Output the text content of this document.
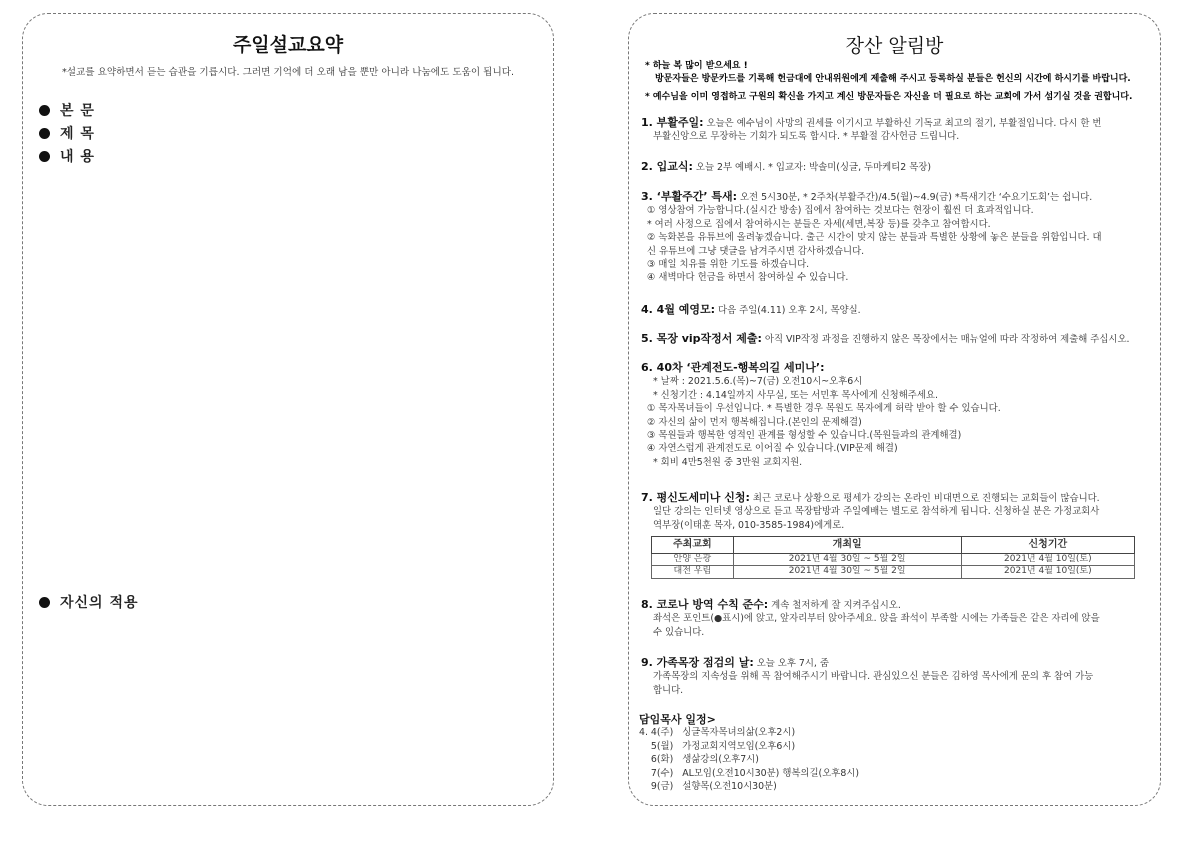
주일설교요약
*설교를 요약하면서 듣는 습관을 기릅시다. 그러면 기억에 더 오래 남을 뿐만 아니라 나눔에도 도움이 됩니다.
본 문
제 목
내 용
자신의 적용
장산 알림방
* 하늘 복 많이 받으세요 !
방문자들은 방문카드를 기록해 헌금대에 안내위원에게 제출해 주시고 등록하실 분들은 헌신의 시간에 하시기를 바랍니다.
* 예수님을 이미 영접하고 구원의 확신을 가지고 계신 방문자들은 자신을 더 필요로 하는 교회에 가서 섬기실 것을 권합니다.
1. 부활주일: 오늘은 예수님이 사망의 권세를 이기시고 부활하신 기독교 최고의 절기, 부활절입니다. 다시 한 번
부활신앙으로 무장하는 기회가 되도록 합시다. * 부활절 감사헌금 드립니다.
2. 입교식: 오늘 2부 예배시. * 입교자: 박솔미(싱글, 두마케티2 목장)
3. ‘부활주간’ 특새: 오전 5시30분, * 2주차(부활주간)/4.5(월)~4.9(금) *특새기간 ‘수요기도회’는 쉽니다.
① 영상참여 가능합니다.(실시간 방송) 집에서 참여하는 것보다는 현장이 훨씬 더 효과적입니다.
* 여러 사정으로 집에서 참여하시는 분들은 자세(세면,복장 등)를 갖추고 참여합시다.
② 녹화본을 유튜브에 올려놓겠습니다. 출근 시간이 맞지 않는 분들과 특별한 상황에 놓은 분들을 위함입니다. 대
신 유튜브에 그냥 댓글을 남겨주시면 감사하겠습니다.
③ 매일 치유를 위한 기도를 하겠습니다.
④ 새벽마다 헌금을 하면서 참여하실 수 있습니다.
4. 4월 예영모: 다음 주일(4.11) 오후 2시, 목양실.
5. 목장 vip작정서 제출: 아직 VIP작정 과정을 진행하지 않은 목장에서는 매뉴얼에 따라 작정하여 제출해 주십시오.
6. 40차 ‘관계전도-행복의길 세미나’:
* 날짜 : 2021.5.6.(목)~7(금) 오전10시~오후6시
* 신청기간 : 4.14일까지 사무실, 또는 서민후 목사에게 신청해주세요.
① 목자목녀들이 우선입니다. * 특별한 경우 목원도 목자에게 허락 받아 할 수 있습니다.
② 자신의 삶이 먼저 행복해집니다.(본인의 문제해결)
③ 목원들과 행복한 영적인 관계를 형성할 수 있습니다.(목원들과의 관계해결)
④ 자연스럽게 관계전도로 이어질 수 있습니다.(VIP문제 해결)
* 회비 4만5천원 중 3만원 교회지원.
7. 평신도세미나 신청: 최근 코로나 상황으로 평세가 강의는 온라인 비대면으로 진행되는 교회들이 많습니다.
일단 강의는 인터넷 영상으로 듣고 목장탐방과 주일예배는 별도로 참석하게 됩니다. 신청하실 분은 가정교회사
역부장(이태훈 목자, 010-3585-1984)에게로.
주최교회	개최일	신청기간
안양 은광	2021년 4월 30일 ~ 5월 2일	2021년 4월 10일(토)
대전 우림	2021년 4월 30일 ~ 5월 2일	2021년 4월 10일(토)
8. 코로나 방역 수칙 준수: 계속 철저하게 잘 지켜주십시오.
좌석은 포인트(●표시)에 앉고, 앞자리부터 앉아주세요. 앉을 좌석이 부족할 시에는 가족들은 같은 자리에 앉을
수 있습니다.
9. 가족목장 점검의 날: 오늘 오후 7시, 줌
가족목장의 지속성을 위해 꼭 참여해주시기 바랍니다. 관심있으신 분들은 김하영 목사에게 문의 후 참여 가능
합니다.
담임목사 일정>
4. 4(주)   싱글목자목녀의삶(오후2시)
5(월)   가정교회지역모임(오후6시)
6(화)   생삶강의(오후7시)
7(수)   AL모임(오전10시30분) 행복의길(오후8시)
9(금)   설향목(오전10시30분)
